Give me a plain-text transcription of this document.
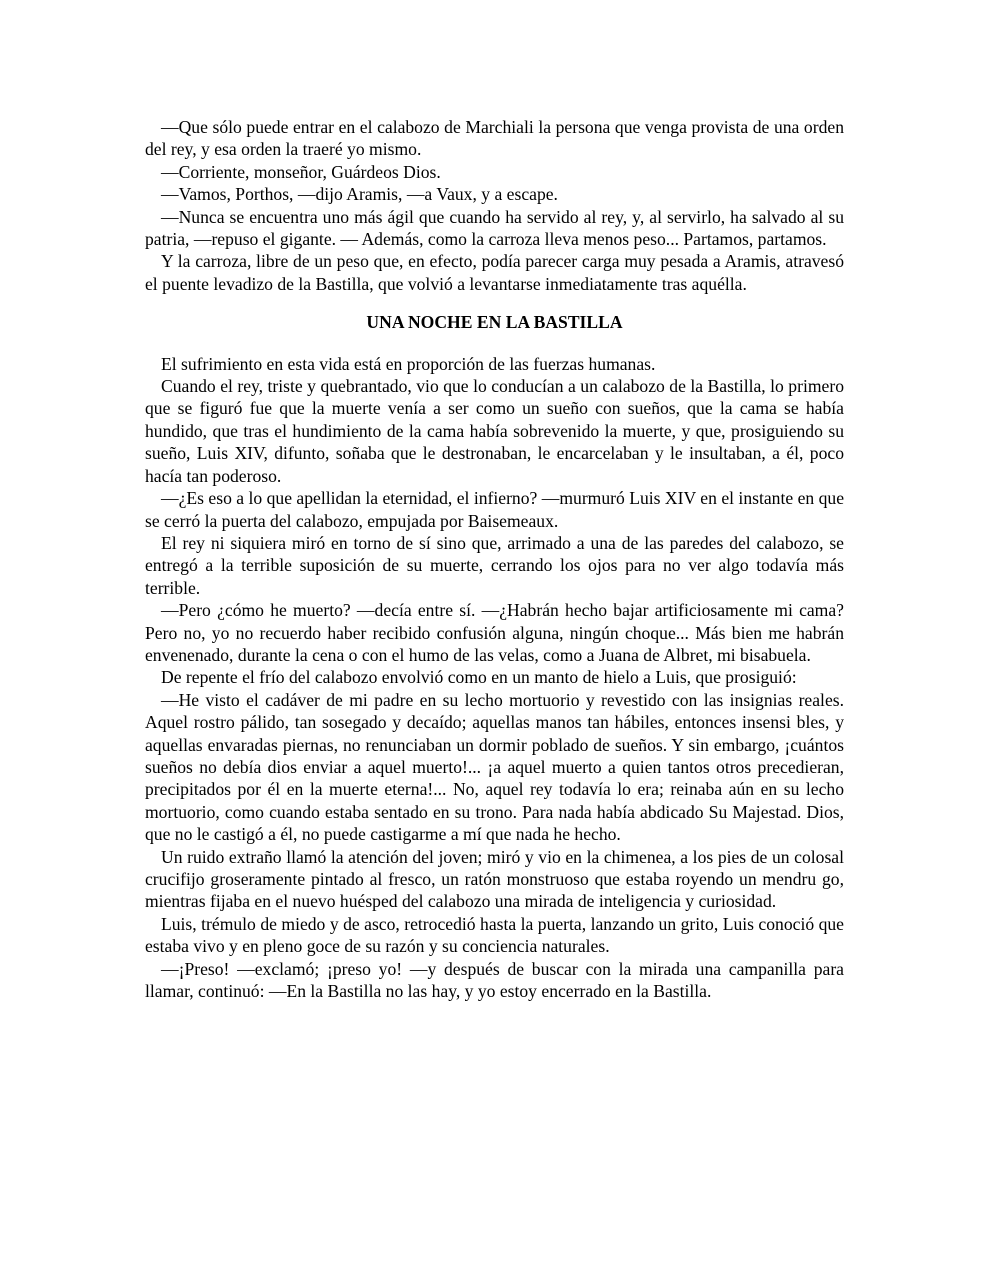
—Que sólo puede entrar en el calabozo de Marchiali la persona que venga provista de una orden del rey, y esa orden la traeré yo mismo.

—Corriente, monseñor, Guárdeos Dios.

—Vamos, Porthos, —dijo Aramis, —a Vaux, y a escape.

—Nunca se encuentra uno más ágil que cuando ha servido al rey, y, al servirlo, ha salvado al su patria, —repuso el gigante. — Además, como la carroza lleva menos peso... Partamos, partamos.

Y la carroza, libre de un peso que, en efecto, podía parecer carga muy pesada a Aramis, atravesó el puente levadizo de la Bastilla, que volvió a levantarse inmediatamente tras aquélla.

UNA NOCHE EN LA BASTILLA

El sufrimiento en esta vida está en proporción de las fuerzas humanas.

Cuando el rey, triste y quebrantado, vio que lo conducían a un calabozo de la Bastilla, lo primero que se figuró fue que la muerte venía a ser como un sueño con sueños, que la cama se había hundido, que tras el hundimiento de la cama había sobrevenido la muerte, y que, prosiguiendo su sueño, Luis XIV, difunto, soñaba que le destronaban, le encarcelaban y le insultaban, a él, poco hacía tan poderoso.

—¿Es eso a lo que apellidan la eternidad, el infierno? —murmuró Luis XIV en el instante en que se cerró la puerta del calabozo, empujada por Baisemeaux.

El rey ni siquiera miró en torno de sí sino que, arrimado a una de las paredes del calabozo, se entregó a la terrible suposición de su muerte, cerrando los ojos para no ver algo todavía más terrible.

—Pero ¿cómo he muerto? —decía entre sí. —¿Habrán hecho bajar artificiosamente mi cama? Pero no, yo no recuerdo haber recibido confusión alguna, ningún choque... Más bien me habrán envenenado, durante la cena o con el humo de las velas, como a Juana de Albret, mi bisabuela.

De repente el frío del calabozo envolvió como en un manto de hielo a Luis, que prosiguió:

—He visto el cadáver de mi padre en su lecho mortuorio y revestido con las insignias reales. Aquel rostro pálido, tan sosegado y decaído; aquellas manos tan hábiles, entonces insensi bles, y aquellas envaradas piernas, no renunciaban un dormir poblado de sueños. Y sin embargo, ¡cuántos sueños no debía dios enviar a aquel muerto!... ¡a aquel muerto a quien tantos otros precedieran, precipitados por él en la muerte eterna!... No, aquel rey todavía lo era; reinaba aún en su lecho mortuorio, como cuando estaba sentado en su trono. Para nada había abdicado Su Majestad. Dios, que no le castigó a él, no puede castigarme a mí que nada he hecho.

Un ruido extraño llamó la atención del joven; miró y vio en la chimenea, a los pies de un colosal crucifijo groseramente pintado al fresco, un ratón monstruoso que estaba royendo un mendru go, mientras fijaba en el nuevo huésped del calabozo una mirada de inteligencia y curiosidad.

Luis, trémulo de miedo y de asco, retrocedió hasta la puerta, lanzando un grito, Luis conoció que estaba vivo y en pleno goce de su razón y su conciencia naturales.

—¡Preso! —exclamó; ¡preso yo! —y después de buscar con la mirada una campanilla para llamar, continuó: —En la Bastilla no las hay, y yo estoy encerrado en la Bastilla.
